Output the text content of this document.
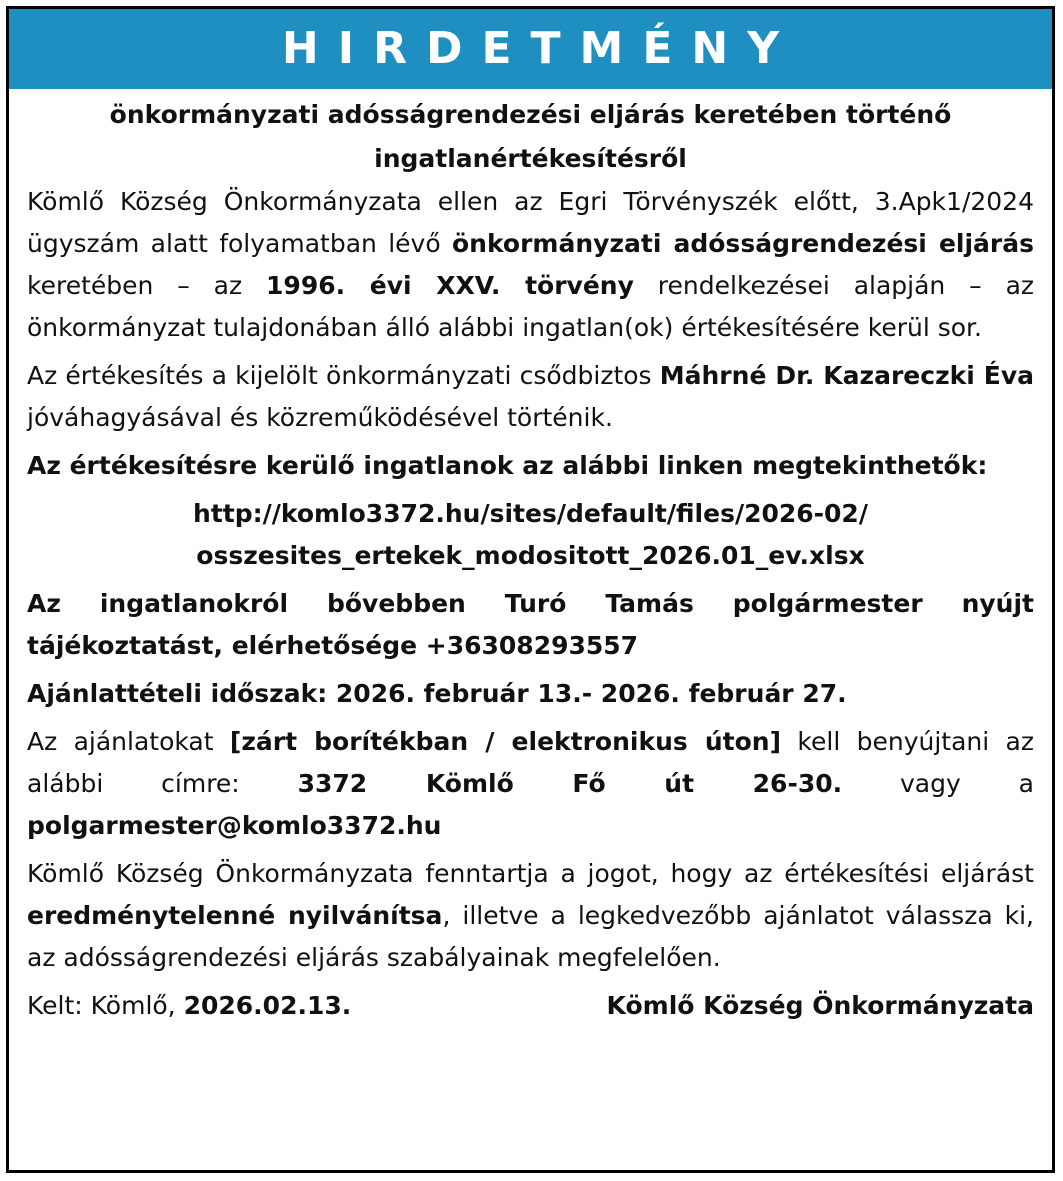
HIRDETMÉNY
önkormányzati adósságrendezési eljárás keretében történő
ingatlanértékesítésről

Kömlő Község Önkormányzata ellen az Egri Törvényszék előtt, 3.Apk1/2024 ügyszám alatt folyamatban lévő önkormányzati adósságrendezési eljárás keretében – az 1996. évi XXV. törvény rendelkezései alapján – az önkormányzat tulajdonában álló alábbi ingatlan(ok) értékesítésére kerül sor.

Az értékesítés a kijelölt önkormányzati csődbiztos Máhrné Dr. Kazareczki Éva jóváhagyásával és közreműködésével történik.

Az értékesítésre kerülő ingatlanok az alábbi linken megtekinthetők:

http://komlo3372.hu/sites/default/files/2026-02/
osszesites_ertekek_modositott_2026.01_ev.xlsx

Az ingatlanokról bővebben Turó Tamás polgármester nyújt tájékoztatást, elérhetősége +36308293557

Ajánlattételi időszak: 2026. február 13.- 2026. február 27.

Az ajánlatokat [zárt borítékban / elektronikus úton] kell benyújtani az alábbi címre: 3372 Kömlő Fő út 26-30. vagy a polgarmester@komlo3372.hu

Kömlő Község Önkormányzata fenntartja a jogot, hogy az értékesítési eljárást eredménytelenné nyilvánítsa, illetve a legkedvezőbb ajánlatot válassza ki, az adósságrendezési eljárás szabályainak megfelelően.

Kelt: Kömlő, 2026.02.13.	Kömlő Község Önkormányzata
